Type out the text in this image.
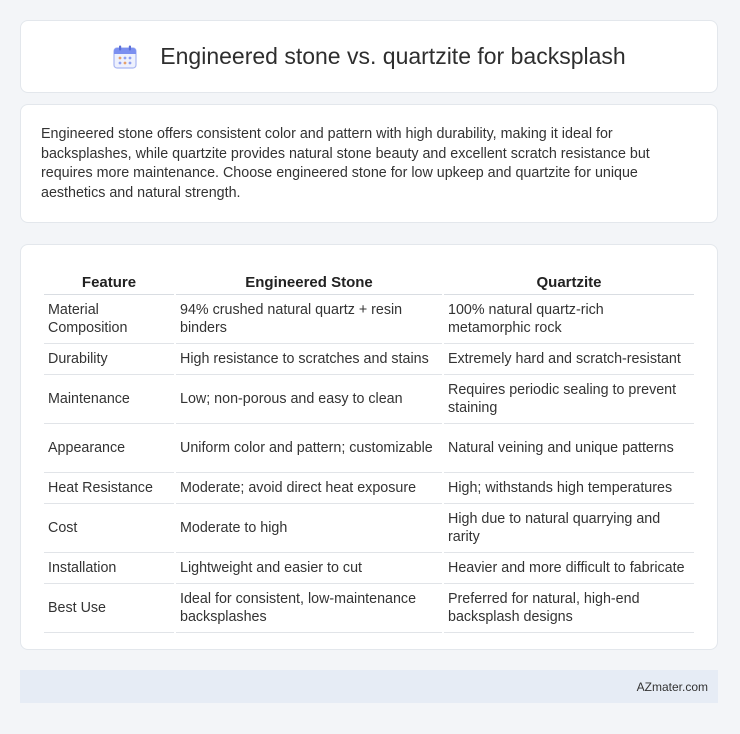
Engineered stone vs. quartzite for backsplash

Engineered stone offers consistent color and pattern with high durability, making it ideal for backsplashes, while quartzite provides natural stone beauty and excellent scratch resistance but requires more maintenance. Choose engineered stone for low upkeep and quartzite for unique aesthetics and natural strength.

Feature	Engineered Stone	Quartzite
Material Composition	94% crushed natural quartz + resin binders	100% natural quartz-rich metamorphic rock
Durability	High resistance to scratches and stains	Extremely hard and scratch-resistant
Maintenance	Low; non-porous and easy to clean	Requires periodic sealing to prevent staining
Appearance	Uniform color and pattern; customizable	Natural veining and unique patterns
Heat Resistance	Moderate; avoid direct heat exposure	High; withstands high temperatures
Cost	Moderate to high	High due to natural quarrying and rarity
Installation	Lightweight and easier to cut	Heavier and more difficult to fabricate
Best Use	Ideal for consistent, low-maintenance backsplashes	Preferred for natural, high-end backsplash designs
AZmater.com
